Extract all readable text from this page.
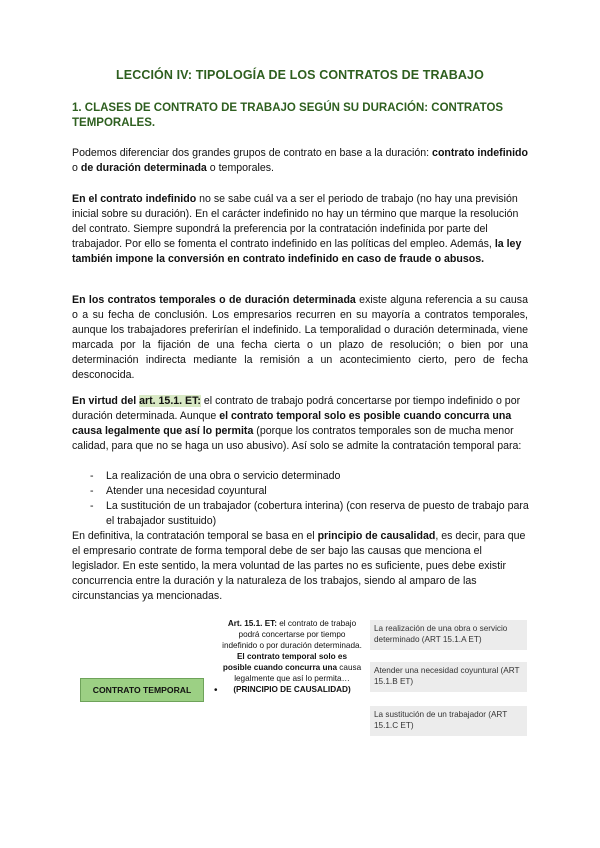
LECCIÓN IV: TIPOLOGÍA DE LOS CONTRATOS DE TRABAJO
1. CLASES DE CONTRATO DE TRABAJO SEGÚN SU DURACIÓN: CONTRATOS TEMPORALES.
Podemos diferenciar dos grandes grupos de contrato en base a la duración: contrato indefinido o de duración determinada o temporales.
En el contrato indefinido no se sabe cuál va a ser el periodo de trabajo (no hay una previsión inicial sobre su duración). En el carácter indefinido no hay un término que marque la resolución del contrato. Siempre supondrá la preferencia por la contratación indefinida por parte del trabajador. Por ello se fomenta el contrato indefinido en las políticas del empleo. Además, la ley también impone la conversión en contrato indefinido en caso de fraude o abusos.
En los contratos temporales o de duración determinada existe alguna referencia a su causa o a su fecha de conclusión. Los empresarios recurren en su mayoría a contratos temporales, aunque los trabajadores preferirían el indefinido. La temporalidad o duración determinada, viene marcada por la fijación de una fecha cierta o un plazo de resolución; o bien por una determinación indirecta mediante la remisión a un acontecimiento cierto, pero de fecha desconocida.
En virtud del art. 15.1. ET: el contrato de trabajo podrá concertarse por tiempo indefinido o por duración determinada. Aunque el contrato temporal solo es posible cuando concurra una causa legalmente que así lo permita (porque los contratos temporales son de mucha menor calidad, para que no se haga un uso abusivo). Así solo se admite la contratación temporal para:
- La realización de una obra o servicio determinado
- Atender una necesidad coyuntural
- La sustitución de un trabajador (cobertura interina) (con reserva de puesto de trabajo para el trabajador sustituido)
En definitiva, la contratación temporal se basa en el principio de causalidad, es decir, para que el empresario contrate de forma temporal debe de ser bajo las causas que menciona el legislador. En este sentido, la mera voluntad de las partes no es suficiente, pues debe existir concurrencia entre la duración y la naturaleza de los trabajos, siendo al amparo de las circunstancias ya mencionadas.
CONTRATO TEMPORAL	•
Art. 15.1. ET: el contrato de trabajo podrá concertarse por tiempo indefinido o por duración determinada.
El contrato temporal solo es posible cuando concurra una causa legalmente que así lo permita…
(PRINCIPIO DE CAUSALIDAD)
La realización de una obra o servicio determinado (ART 15.1.A ET)
Atender una necesidad coyuntural (ART 15.1.B ET)
La sustitución de un trabajador (ART 15.1.C ET)
